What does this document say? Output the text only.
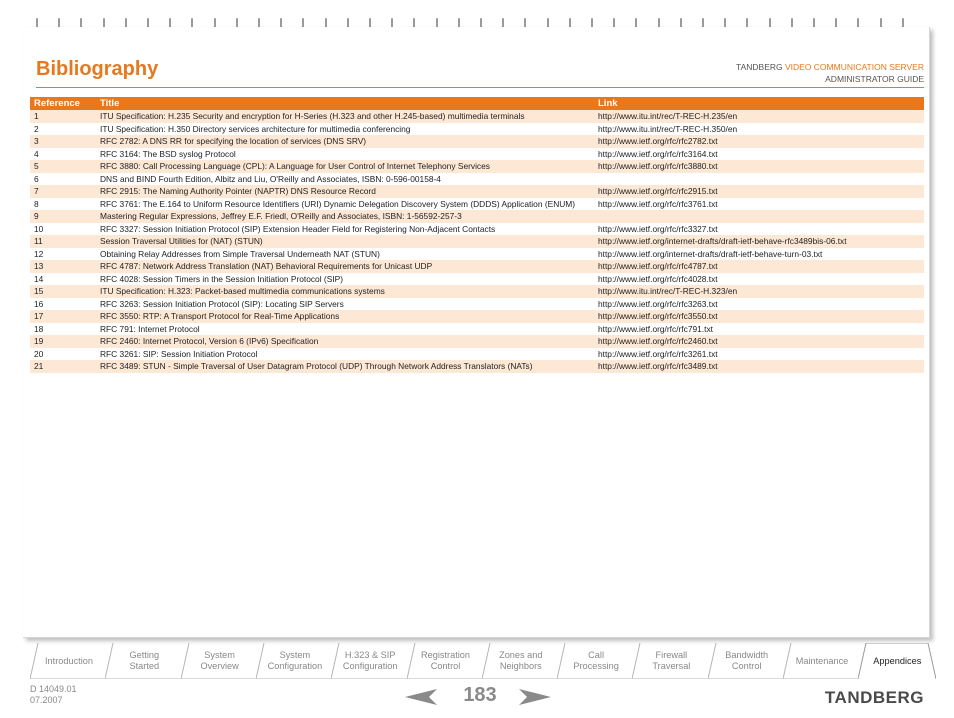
Bibliography	TANDBERG VIDEO COMMUNICATION SERVER
ADMINISTRATOR GUIDE
Reference	Title	Link
1	ITU Specification: H.235 Security and encryption for H-Series (H.323 and other H.245-based) multimedia terminals	http://www.itu.int/rec/T-REC-H.235/en
2	ITU Specification: H.350 Directory services architecture for multimedia conferencing	http://www.itu.int/rec/T-REC-H.350/en
3	RFC 2782: A DNS RR for specifying the location of services (DNS SRV)	http://www.ietf.org/rfc/rfc2782.txt
4	RFC 3164: The BSD syslog Protocol	http://www.ietf.org/rfc/rfc3164.txt
5	RFC 3880: Call Processing Language (CPL): A Language for User Control of Internet Telephony Services	http://www.ietf.org/rfc/rfc3880.txt
6	DNS and BIND Fourth Edition, Albitz and Liu, O'Reilly and Associates, ISBN: 0-596-00158-4	
7	RFC 2915: The Naming Authority Pointer (NAPTR) DNS Resource Record	http://www.ietf.org/rfc/rfc2915.txt
8	RFC 3761: The E.164 to Uniform Resource Identifiers (URI) Dynamic Delegation Discovery System (DDDS) Application (ENUM)	http://www.ietf.org/rfc/rfc3761.txt
9	Mastering Regular Expressions, Jeffrey E.F. Friedl, O'Reilly and Associates, ISBN: 1-56592-257-3	
10	RFC 3327: Session Initiation Protocol (SIP) Extension Header Field for Registering Non-Adjacent Contacts	http://www.ietf.org/rfc/rfc3327.txt
11	Session Traversal Utilities for (NAT) (STUN)	http://www.ietf.org/internet-drafts/draft-ietf-behave-rfc3489bis-06.txt
12	Obtaining Relay Addresses from Simple Traversal Underneath NAT (STUN)	http://www.ietf.org/internet-drafts/draft-ietf-behave-turn-03.txt
13	RFC 4787: Network Address Translation (NAT) Behavioral Requirements for Unicast UDP	http://www.ietf.org/rfc/rfc4787.txt
14	RFC 4028: Session Timers in the Session Initiation Protocol (SIP)	http://www.ietf.org/rfc/rfc4028.txt
15	ITU Specification: H.323: Packet-based multimedia communications systems	http://www.itu.int/rec/T-REC-H.323/en
16	RFC 3263: Session Initiation Protocol (SIP): Locating SIP Servers	http://www.ietf.org/rfc/rfc3263.txt
17	RFC 3550: RTP: A Transport Protocol for Real-Time Applications	http://www.ietf.org/rfc/rfc3550.txt
18	RFC 791: Internet Protocol	http://www.ietf.org/rfc/rfc791.txt
19	RFC 2460: Internet Protocol, Version 6 (IPv6) Specification	http://www.ietf.org/rfc/rfc2460.txt
20	RFC 3261: SIP: Session Initiation Protocol	http://www.ietf.org/rfc/rfc3261.txt
21	RFC 3489: STUN - Simple Traversal of User Datagram Protocol (UDP) Through Network Address Translators (NATs)	http://www.ietf.org/rfc/rfc3489.txt
Introduction
Getting
Started
System
Overview
System
Configuration
H.323 & SIP
Configuration
Registration
Control
Zones and
Neighbors
Call
Processing
Firewall
Traversal
Bandwidth
Control
Maintenance	Appendices
D 14049.01
07.2007	183	TANDBERG
